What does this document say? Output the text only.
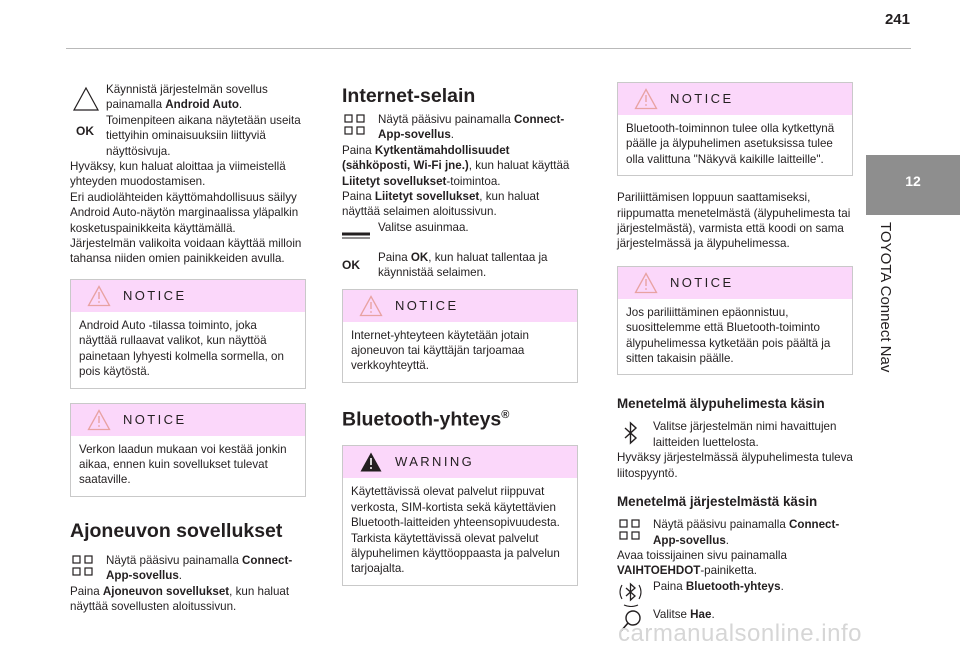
241
12
TOYOTA Connect Nav
OK

Käynnistä järjestelmän sovellus painamalla Android Auto.

Toimenpiteen aikana näytetään useita tiettyihin ominaisuuksiin liittyviä näyttösivuja.

Hyväksy, kun haluat aloittaa ja viimeistellä yhteyden muodostamisen.

Eri audiolähteiden käyttömahdollisuus säilyy Android Auto-näytön marginaalissa yläpalkin kosketuspainikkeita käyttämällä.

Järjestelmän valikoita voidaan käyttää milloin tahansa niiden omien painikkeiden avulla.

NOTICE
Android Auto -tilassa toiminto, joka näyttää rullaavat valikot, kun näyttöä painetaan lyhyesti kolmella sormella, on pois käytöstä.
NOTICE
Verkon laadun mukaan voi kestää jonkin aikaa, ennen kuin sovellukset tulevat saataville.
Ajoneuvon sovellukset

Näytä pääsivu painamalla Connect-App-sovellus.

Paina Ajoneuvon sovellukset, kun haluat näyttää sovellusten aloitussivun.

Internet-selain

Näytä pääsivu painamalla Connect-App-sovellus.

Paina Kytkentämahdollisuudet (sähköposti, Wi-Fi jne.), kun haluat käyttää Liitetyt sovellukset-toimintoa.

Paina Liitetyt sovellukset, kun haluat näyttää selaimen aloitussivun.

Valitse asuinmaa.

OK

Paina OK, kun haluat tallentaa ja käynnistää selaimen.

NOTICE
Internet-yhteyteen käytetään jotain ajoneuvon tai käyttäjän tarjoamaa verkkoyhteyttä.
Bluetooth-yhteys®
WARNING
Käytettävissä olevat palvelut riippuvat verkosta, SIM-kortista sekä käytettävien Bluetooth-laitteiden yhteensopivuudesta. Tarkista käytettävissä olevat palvelut älypuhelimen käyttöoppaasta ja palvelun tarjoajalta.
NOTICE
Bluetooth-toiminnon tulee olla kytkettynä päälle ja älypuhelimen asetuksissa tulee olla valittuna "Näkyvä kaikille laitteille".

Pariliittämisen loppuun saattamiseksi, riippumatta menetelmästä (älypuhelimesta tai järjestelmästä), varmista että koodi on sama järjestelmässä ja älypuhelimessa.

NOTICE
Jos pariliittäminen epäonnistuu, suosittelemme että Bluetooth-toiminto älypuhelimessa kytketään pois päältä ja sitten takaisin päälle.
Menetelmä älypuhelimesta käsin

Valitse järjestelmän nimi havaittujen laitteiden luettelosta.

Hyväksy järjestelmässä älypuhelimesta tuleva liitospyyntö.

Menetelmä järjestelmästä käsin

Näytä pääsivu painamalla Connect-App-sovellus.

Avaa toissijainen sivu painamalla VAIHTOEHDOT-painiketta.

Paina Bluetooth-yhteys.

Valitse Hae.

carmanualsonline.info
